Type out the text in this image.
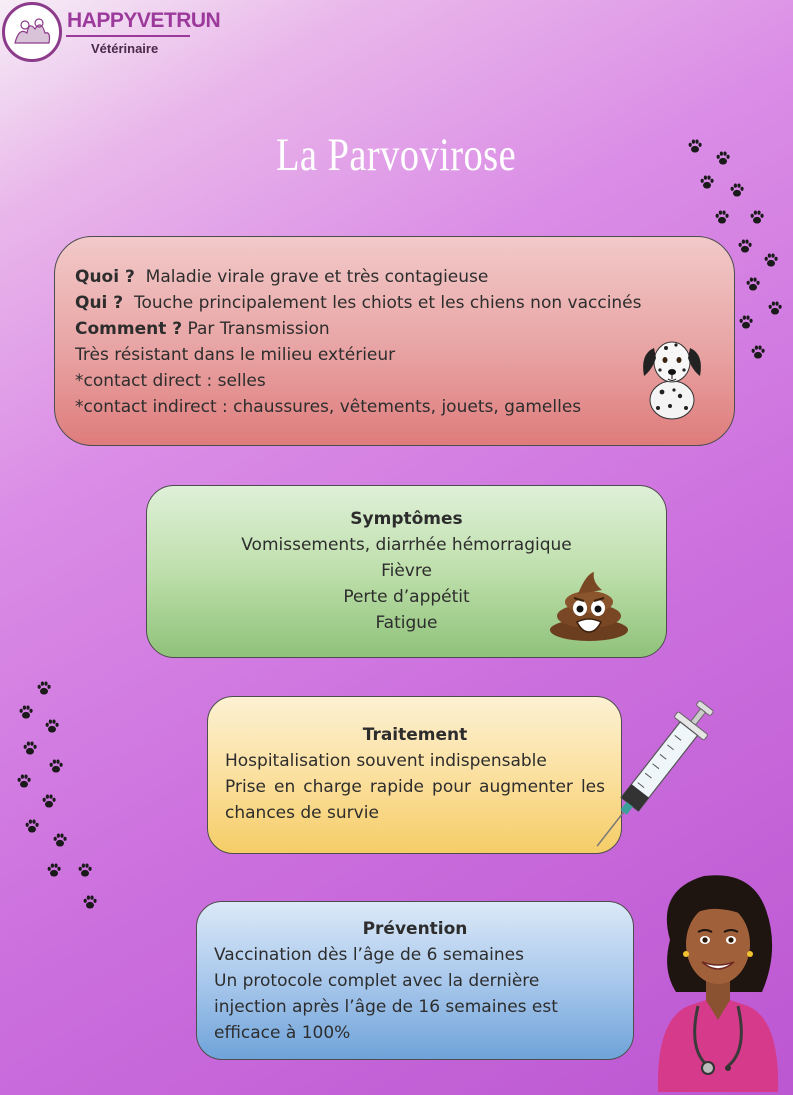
HAPPYVETRUN
Vétérinaire
La Parvovirose
Quoi ? Maladie virale grave et très contagieuse
Qui ? Touche principalement les chiots et les chiens non vaccinés
Comment ? Par Transmission
Très résistant dans le milieu extérieur
*contact direct : selles
*contact indirect : chaussures, vêtements, jouets, gamelles
Symptômes
Vomissements, diarrhée hémorragique
Fièvre
Perte d’appétit
Fatigue
Traitement
Hospitalisation souvent indispensable
Prise en charge rapide pour augmenter les chances de survie
Prévention
Vaccination dès l’âge de 6 semaines
Un protocole complet avec la dernière injection après l’âge de 16 semaines est efficace à 100%
